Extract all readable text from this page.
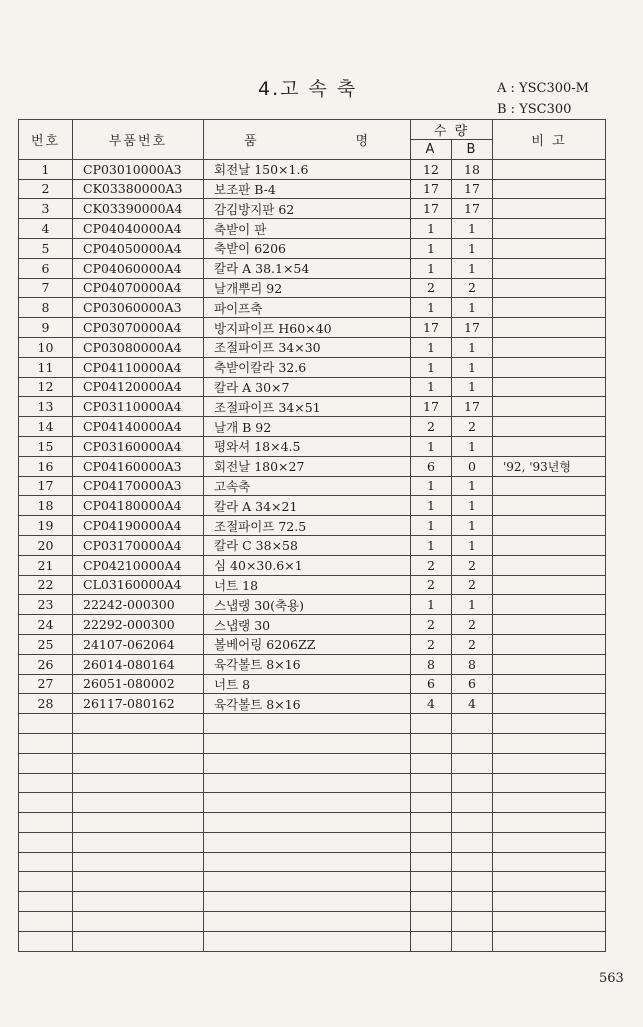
4.고 속 축	A : YSC300-M
B : YSC300
번호	부품번호	품 명	수 량		비 고
			A	B	
1	CP03010000A3	회전날 150×1.6	12	18	
2	CK03380000A3	보조판 B-4	17	17	
3	CK03390000A4	감김방지판 62	17	17	
4	CP04040000A4	축받이 판	1	1	
5	CP04050000A4	축받이 6206	1	1	
6	CP04060000A4	칼라 A 38.1×54	1	1	
7	CP04070000A4	날개뿌리 92	2	2	
8	CP03060000A3	파이프축	1	1	
9	CP03070000A4	방지파이프 H60×40	17	17	
10	CP03080000A4	조절파이프 34×30	1	1	
11	CP04110000A4	축받이칼라 32.6	1	1	
12	CP04120000A4	칼라 A 30×7	1	1	
13	CP03110000A4	조절파이프 34×51	17	17	
14	CP04140000A4	날개 B 92	2	2	
15	CP03160000A4	평와셔 18×4.5	1	1	
16	CP04160000A3	회전날 180×27	6	0	'92, '93년형
17	CP04170000A3	고속축	1	1	
18	CP04180000A4	칼라 A 34×21	1	1	
19	CP04190000A4	조절파이프 72.5	1	1	
20	CP03170000A4	칼라 C 38×58	1	1	
21	CP04210000A4	심 40×30.6×1	2	2	
22	CL03160000A4	너트 18	2	2	
23	22242-000300	스냅랭 30(축용)	1	1	
24	22292-000300	스냅랭 30	2	2	
25	24107-062064	볼베어링 6206ZZ	2	2	
26	26014-080164	육각볼트 8×16	8	8	
27	26051-080002	너트 8	6	6	
28	26117-080162	육각볼트 8×16	4	4	

563
